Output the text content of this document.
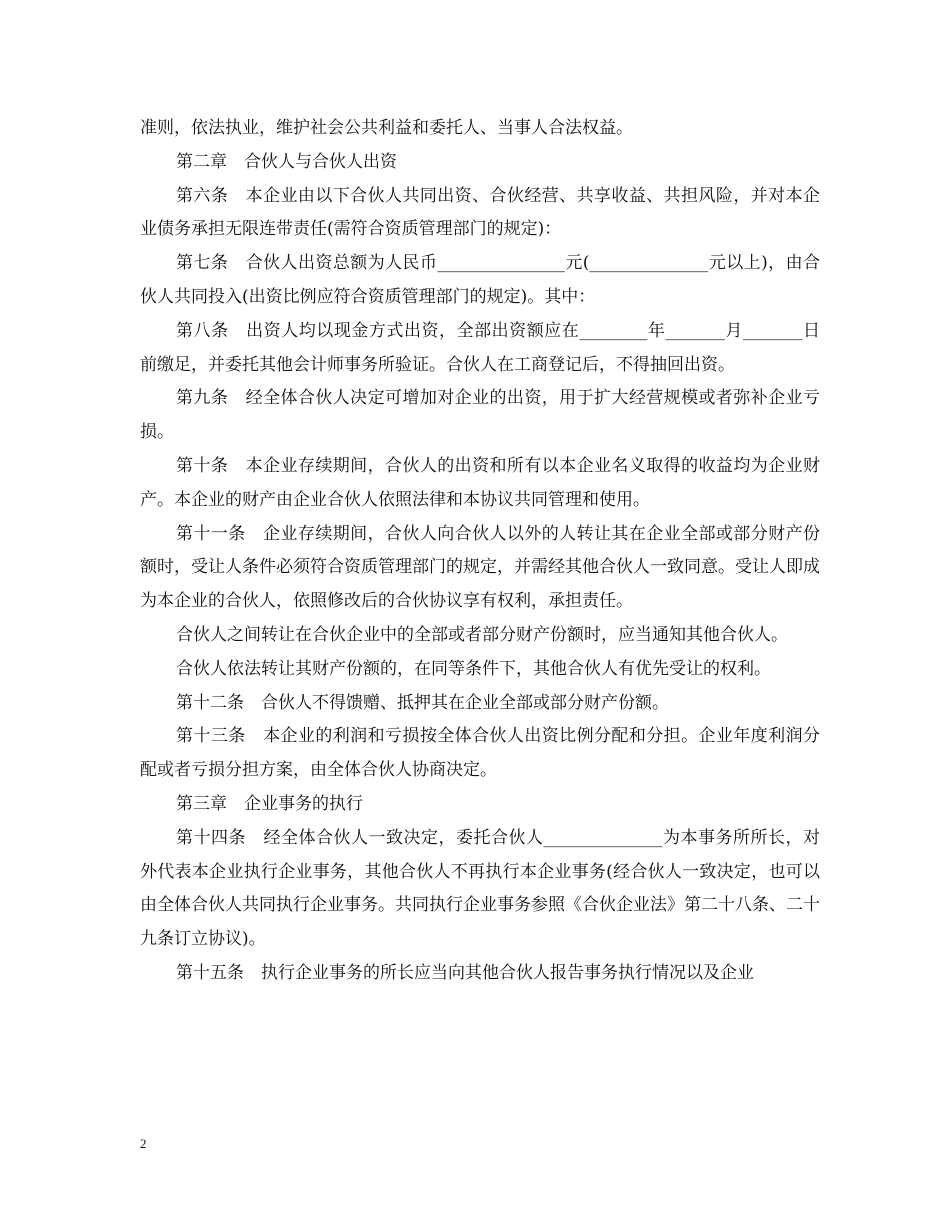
准则，依法执业，维护社会公共利益和委托人、当事人合法权益。

第二章　合伙人与合伙人出资

第六条　本企业由以下合伙人共同出资、合伙经营、共享收益、共担风险，并对本企业债务承担无限连带责任(需符合资质管理部门的规定)：

第七条　合伙人出资总额为人民币_______________元(______________元以上)，由合伙人共同投入(出资比例应符合资质管理部门的规定)。其中：

第八条　出资人均以现金方式出资，全部出资额应在________年_______月_______日前缴足，并委托其他会计师事务所验证。合伙人在工商登记后，不得抽回出资。

第九条　经全体合伙人决定可增加对企业的出资，用于扩大经营规模或者弥补企业亏损。

第十条　本企业存续期间，合伙人的出资和所有以本企业名义取得的收益均为企业财产。本企业的财产由企业合伙人依照法律和本协议共同管理和使用。

第十一条　企业存续期间，合伙人向合伙人以外的人转让其在企业全部或部分财产份额时，受让人条件必须符合资质管理部门的规定，并需经其他合伙人一致同意。受让人即成为本企业的合伙人，依照修改后的合伙协议享有权利，承担责任。

合伙人之间转让在合伙企业中的全部或者部分财产份额时，应当通知其他合伙人。

合伙人依法转让其财产份额的，在同等条件下，其他合伙人有优先受让的权利。

第十二条　合伙人不得馈赠、抵押其在企业全部或部分财产份额。

第十三条　本企业的利润和亏损按全体合伙人出资比例分配和分担。企业年度利润分配或者亏损分担方案，由全体合伙人协商决定。

第三章　企业事务的执行

第十四条　经全体合伙人一致决定，委托合伙人______________为本事务所所长，对外代表本企业执行企业事务，其他合伙人不再执行本企业事务(经合伙人一致决定，也可以由全体合伙人共同执行企业事务。共同执行企业事务参照《合伙企业法》第二十八条、二十九条订立协议)。

第十五条　执行企业事务的所长应当向其他合伙人报告事务执行情况以及企业

2
